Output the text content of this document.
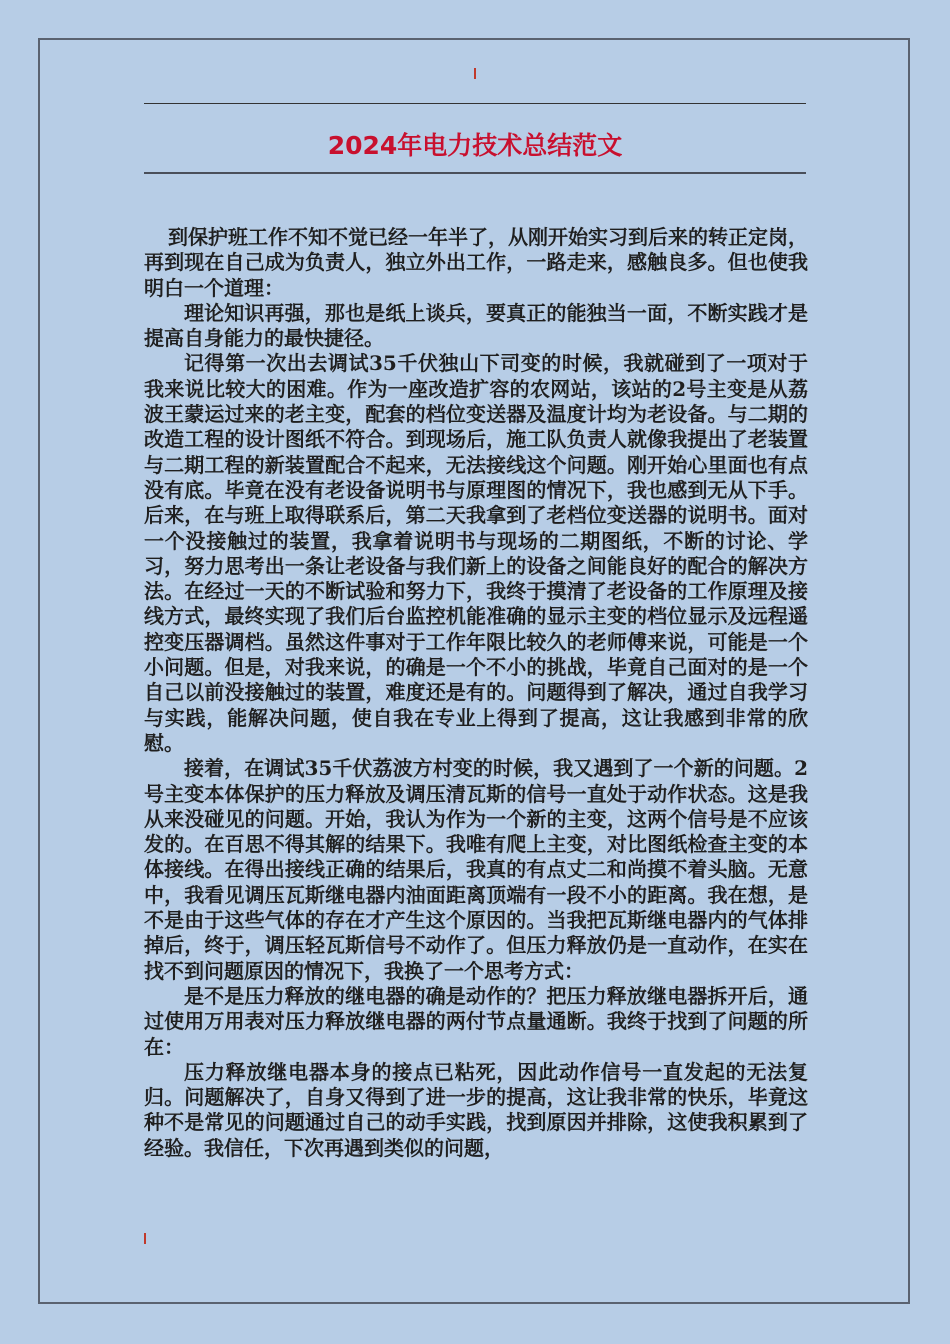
2024年电力技术总结范文

到保护班工作不知不觉已经一年半了，从刚开始实习到后来的转正定岗，再到现在自己成为负责人，独立外出工作，一路走来，感触良多。但也使我明白一个道理：

理论知识再强，那也是纸上谈兵，要真正的能独当一面，不断实践才是提高自身能力的最快捷径。

记得第一次出去调试35千伏独山下司变的时候，我就碰到了一项对于我来说比较大的困难。作为一座改造扩容的农网站，该站的2号主变是从荔波王蒙运过来的老主变，配套的档位变送器及温度计均为老设备。与二期的改造工程的设计图纸不符合。到现场后，施工队负责人就像我提出了老装置与二期工程的新装置配合不起来，无法接线这个问题。刚开始心里面也有点没有底。毕竟在没有老设备说明书与原理图的情况下，我也感到无从下手。后来，在与班上取得联系后，第二天我拿到了老档位变送器的说明书。面对一个没接触过的装置，我拿着说明书与现场的二期图纸，不断的讨论、学习，努力思考出一条让老设备与我们新上的设备之间能良好的配合的解决方法。在经过一天的不断试验和努力下，我终于摸清了老设备的工作原理及接线方式，最终实现了我们后台监控机能准确的显示主变的档位显示及远程遥控变压器调档。虽然这件事对于工作年限比较久的老师傅来说，可能是一个小问题。但是，对我来说，的确是一个不小的挑战，毕竟自己面对的是一个自己以前没接触过的装置，难度还是有的。问题得到了解决，通过自我学习与实践，能解决问题，使自我在专业上得到了提高，这让我感到非常的欣慰。

接着，在调试35千伏荔波方村变的时候，我又遇到了一个新的问题。2号主变本体保护的压力释放及调压清瓦斯的信号一直处于动作状态。这是我从来没碰见的问题。开始，我认为作为一个新的主变，这两个信号是不应该发的。在百思不得其解的结果下。我唯有爬上主变，对比图纸检查主变的本体接线。在得出接线正确的结果后，我真的有点丈二和尚摸不着头脑。无意中，我看见调压瓦斯继电器内油面距离顶端有一段不小的距离。我在想，是不是由于这些气体的存在才产生这个原因的。当我把瓦斯继电器内的气体排掉后，终于，调压轻瓦斯信号不动作了。但压力释放仍是一直动作，在实在找不到问题原因的情况下，我换了一个思考方式：

是不是压力释放的继电器的确是动作的？把压力释放继电器拆开后，通过使用万用表对压力释放继电器的两付节点量通断。我终于找到了问题的所在：

压力释放继电器本身的接点已粘死，因此动作信号一直发起的无法复归。问题解决了，自身又得到了进一步的提高，这让我非常的快乐，毕竟这种不是常见的问题通过自己的动手实践，找到原因并排除，这使我积累到了经验。我信任，下次再遇到类似的问题，
